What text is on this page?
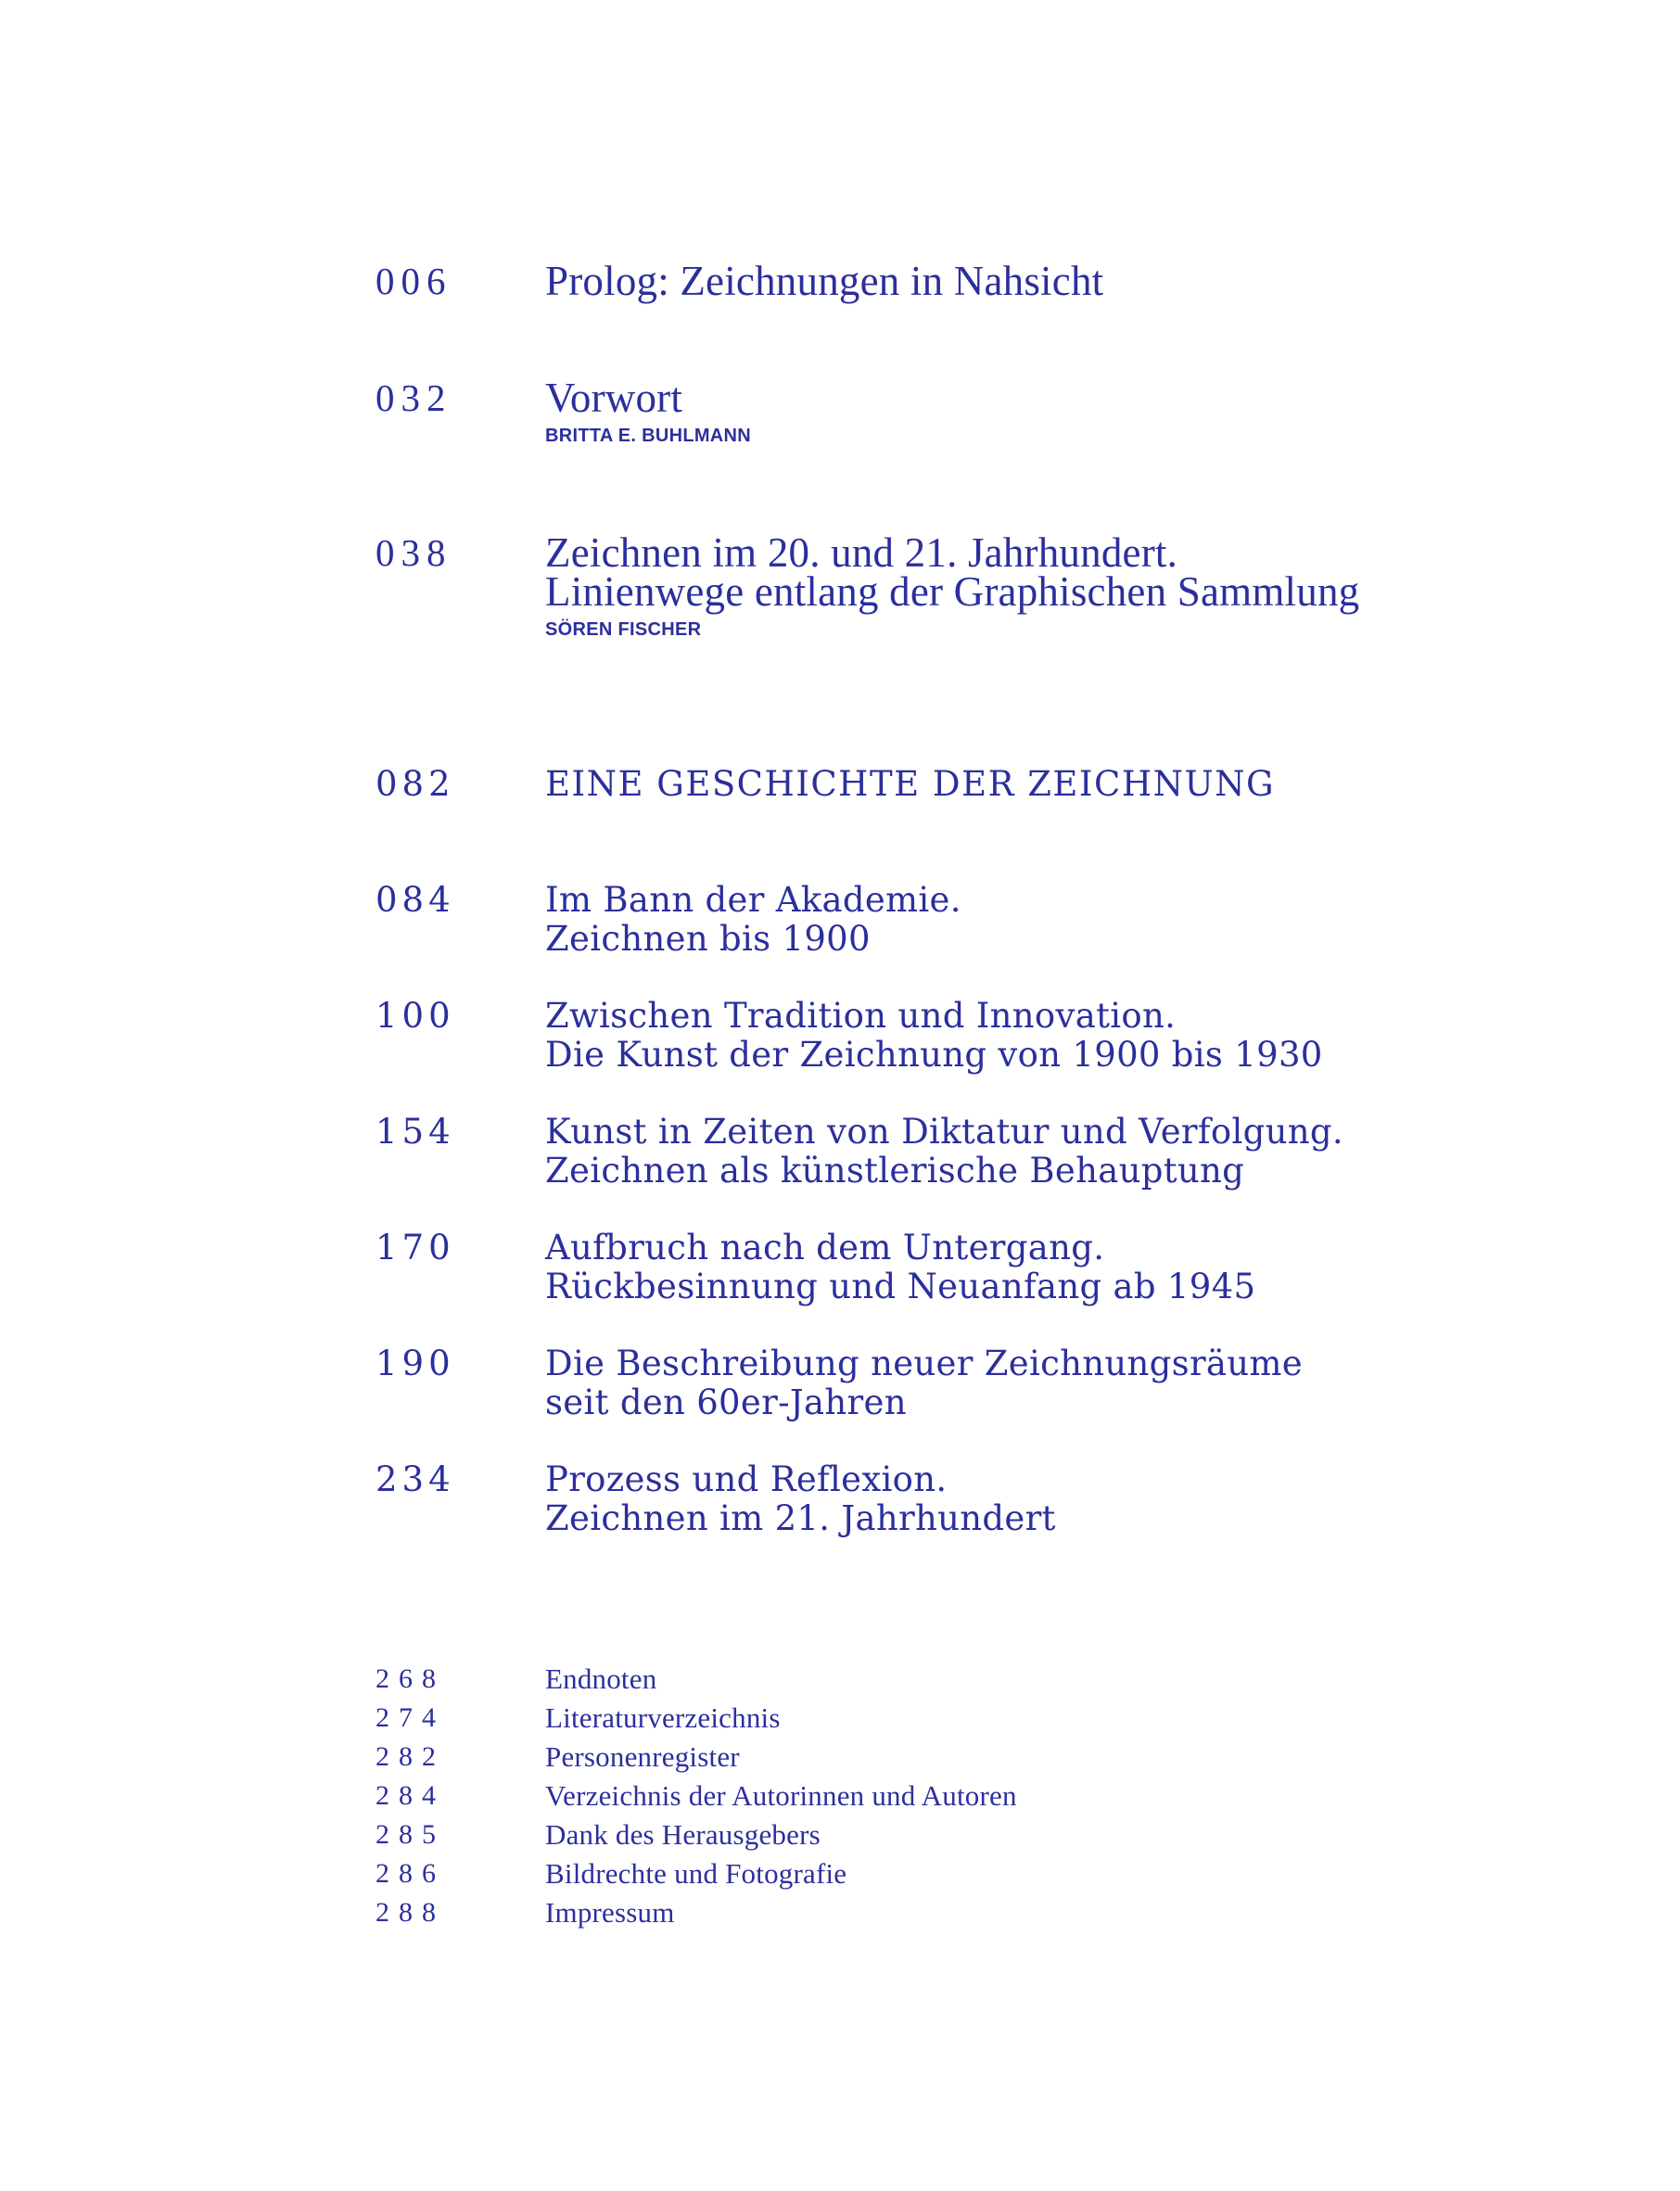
006	Prolog: Zeichnungen in Nahsicht
032	Vorwort
BRITTA E. BUHLMANN
038	Zeichnen im 20. und 21. Jahrhundert.
Linienwege entlang der Graphischen Sammlung
SÖREN FISCHER
082	EINE GESCHICHTE DER ZEICHNUNG
084	Im Bann der Akademie.
Zeichnen bis 1900
100	Zwischen Tradition und Innovation.
Die Kunst der Zeichnung von 1900 bis 1930
154	Kunst in Zeiten von Diktatur und Verfolgung.
Zeichnen als künstlerische Behauptung
170	Aufbruch nach dem Untergang.
Rückbesinnung und Neuanfang ab 1945
190	Die Beschreibung neuer Zeichnungsräume
seit den 60er-Jahren
234	Prozess und Reflexion.
Zeichnen im 21. Jahrhundert
268	Endnoten
274	Literaturverzeichnis
282	Personenregister
284	Verzeichnis der Autorinnen und Autoren
285	Dank des Herausgebers
286	Bildrechte und Fotografie
288	Impressum
